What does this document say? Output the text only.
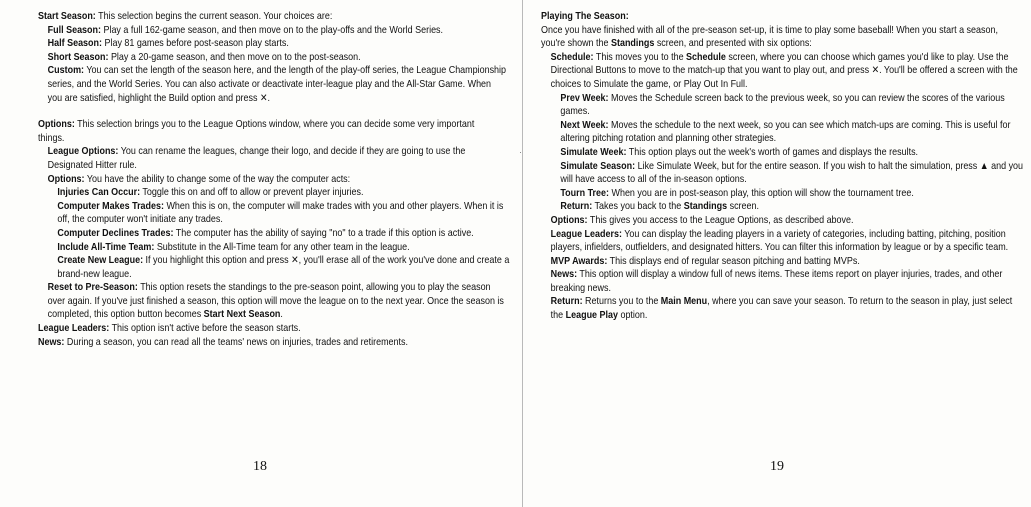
Start Season: This selection begins the current season. Your choices are:
Full Season: Play a full 162-game season, and then move on to the play-offs and the World Series.
Half Season: Play 81 games before post-season play starts.
Short Season: Play a 20-game season, and then move on to the post-season.
Custom: You can set the length of the season here, and the length of the play-off series, the League Championship series, and the World Series. You can also activate or deactivate inter-league play and the All-Star Game. When you are satisfied, highlight the Build option and press ✕.
Options: This selection brings you to the League Options window, where you can decide some very important things.
League Options: You can rename the leagues, change their logo, and decide if they are going to use the Designated Hitter rule.
Options: You have the ability to change some of the way the computer acts:
Injuries Can Occur: Toggle this on and off to allow or prevent player injuries.
Computer Makes Trades: When this is on, the computer will make trades with you and other players. When it is off, the computer won't initiate any trades.
Computer Declines Trades: The computer has the ability of saying "no" to a trade if this option is active.
Include All-Time Team: Substitute in the All-Time team for any other team in the league.
Create New League: If you highlight this option and press ✕, you'll erase all of the work you've done and create a brand-new league.
Reset to Pre-Season: This option resets the standings to the pre-season point, allowing you to play the season over again. If you've just finished a season, this option will move the league on to the next year. Once the season is completed, this option button becomes Start Next Season.
League Leaders: This option isn't active before the season starts.
News: During a season, you can read all the teams' news on injuries, trades and retirements.
·
Playing The Season:
Once you have finished with all of the pre-season set-up, it is time to play some baseball! When you start a season, you're shown the Standings screen, and presented with six options:
Schedule: This moves you to the Schedule screen, where you can choose which games you'd like to play. Use the Directional Buttons to move to the match-up that you want to play out, and press ✕. You'll be offered a screen with the choices to Simulate the game, or Play Out In Full.
Prev Week: Moves the Schedule screen back to the previous week, so you can review the scores of the various games.
Next Week: Moves the schedule to the next week, so you can see which match-ups are coming. This is useful for altering pitching rotation and planning other strategies.
Simulate Week: This option plays out the week's worth of games and displays the results.
Simulate Season: Like Simulate Week, but for the entire season. If you wish to halt the simulation, press ▲ and you will have access to all of the in-season options.
Tourn Tree: When you are in post-season play, this option will show the tournament tree.
Return: Takes you back to the Standings screen.
Options: This gives you access to the League Options, as described above.
League Leaders: You can display the leading players in a variety of categories, including batting, pitching, position players, infielders, outfielders, and designated hitters. You can filter this information by league or by a specific team.
MVP Awards: This displays end of regular season pitching and batting MVPs.
News: This option will display a window full of news items. These items report on player injuries, trades, and other breaking news.
Return: Returns you to the Main Menu, where you can save your season. To return to the season in play, just select the League Play option.
18	19
